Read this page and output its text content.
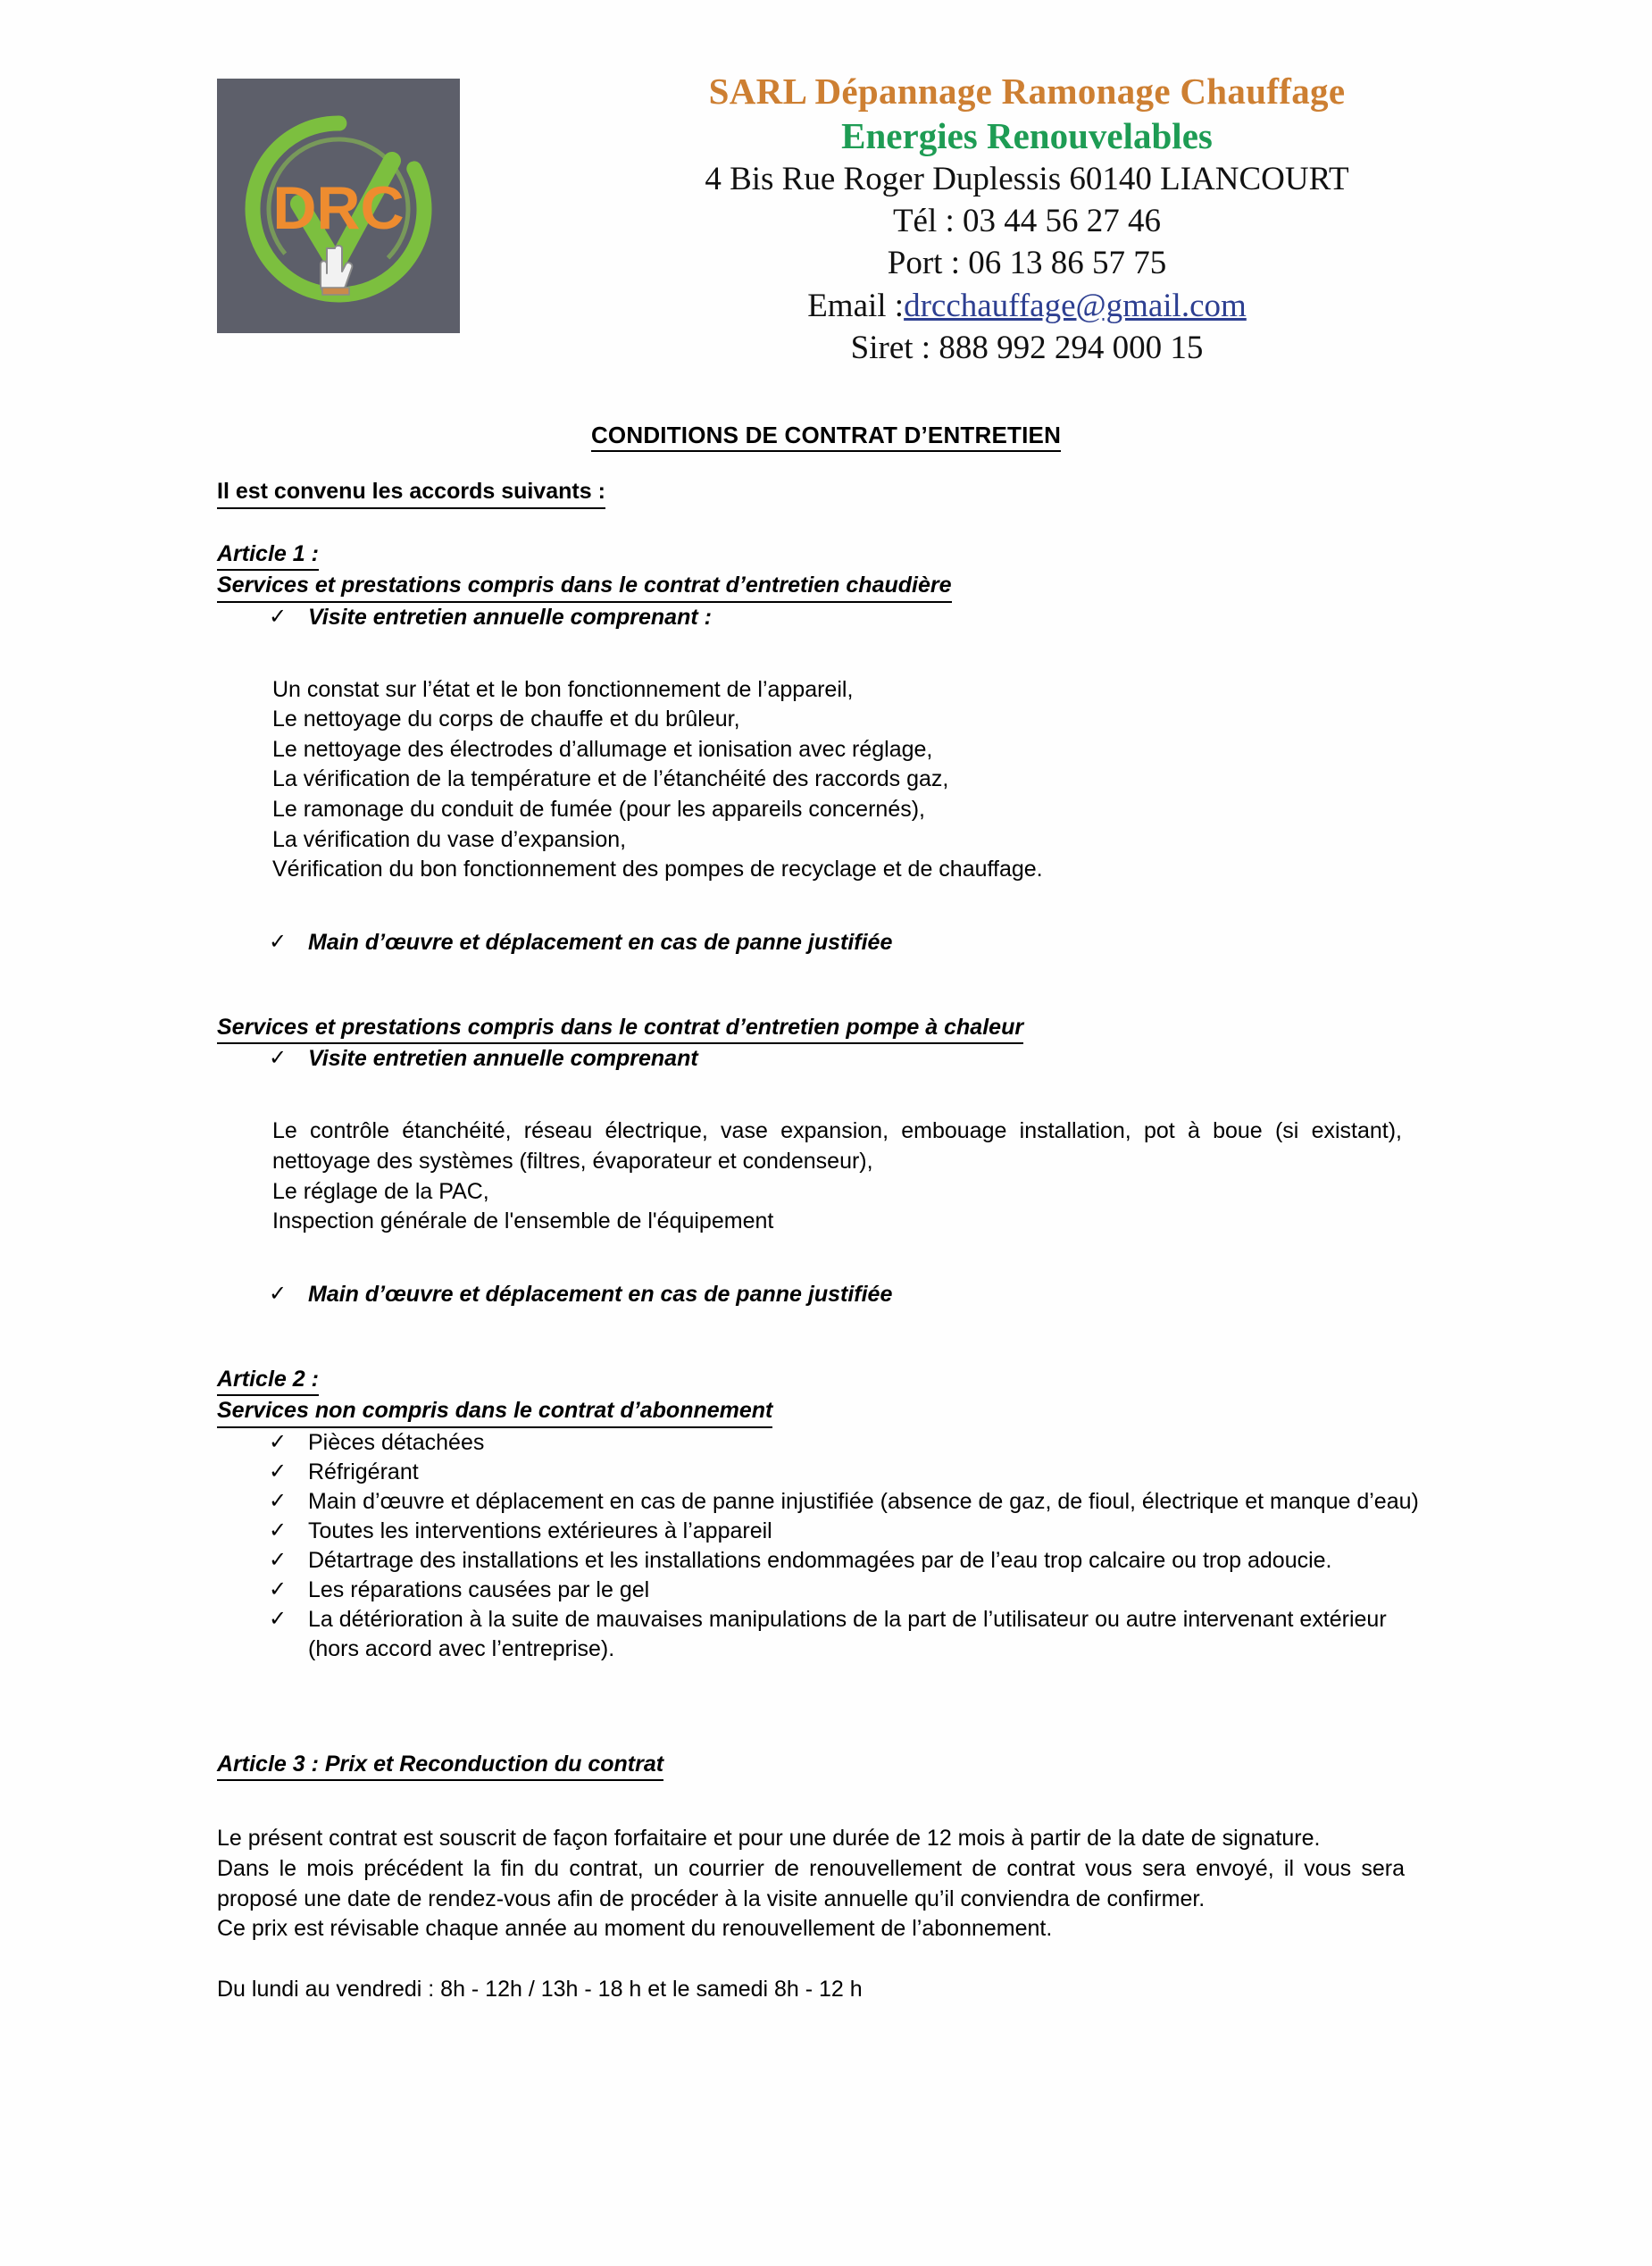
DRC
SARL Dépannage Ramonage Chauffage
Energies Renouvelables
4 Bis Rue Roger Duplessis 60140 LIANCOURT
Tél : 03 44 56 27 46
Port : 06 13 86 57 75
Email :drcchauffage@gmail.com
Siret : 888 992 294 000 15
CONDITIONS DE CONTRAT D’ENTRETIEN
Il est convenu les accords suivants :
Article 1 :
Services et prestations compris dans le contrat d’entretien chaudière
✓ Visite entretien annuelle comprenant :
Un constat sur l’état et le bon fonctionnement de l’appareil,
Le nettoyage du corps de chauffe et du brûleur,
Le nettoyage des électrodes d’allumage et ionisation avec réglage,
La vérification de la température et de l’étanchéité des raccords gaz,
Le ramonage du conduit de fumée (pour les appareils concernés),
La vérification du vase d’expansion,
Vérification du bon fonctionnement des pompes de recyclage et de chauffage.
✓ Main d’œuvre et déplacement en cas de panne justifiée
Services et prestations compris dans le contrat d’entretien pompe à chaleur
✓ Visite entretien annuelle comprenant
Le contrôle étanchéité, réseau électrique, vase expansion, embouage installation, pot à boue (si existant), nettoyage des systèmes (filtres, évaporateur et condenseur),
Le réglage de la PAC,
Inspection générale de l'ensemble de l'équipement
✓ Main d’œuvre et déplacement en cas de panne justifiée
Article 2 :
Services non compris dans le contrat d’abonnement
✓ Pièces détachées
✓ Réfrigérant
✓ Main d’œuvre et déplacement en cas de panne injustifiée (absence de gaz, de fioul, électrique et manque d’eau)
✓ Toutes les interventions extérieures à l’appareil
✓ Détartrage des installations et les installations endommagées par de l’eau trop calcaire ou trop adoucie.
✓ Les réparations causées par le gel
✓ La détérioration à la suite de mauvaises manipulations de la part de l’utilisateur ou autre intervenant extérieur (hors accord avec l’entreprise).
Article 3 : Prix et Reconduction du contrat
Le présent contrat est souscrit de façon forfaitaire et pour une durée de 12 mois à partir de la date de signature.
Dans le mois précédent la fin du contrat, un courrier de renouvellement de contrat vous sera envoyé, il vous sera proposé une date de rendez-vous afin de procéder à la visite annuelle qu’il conviendra de confirmer.
Ce prix est révisable chaque année au moment du renouvellement de l’abonnement.
Du lundi au vendredi : 8h - 12h / 13h - 18 h et le samedi 8h - 12 h
